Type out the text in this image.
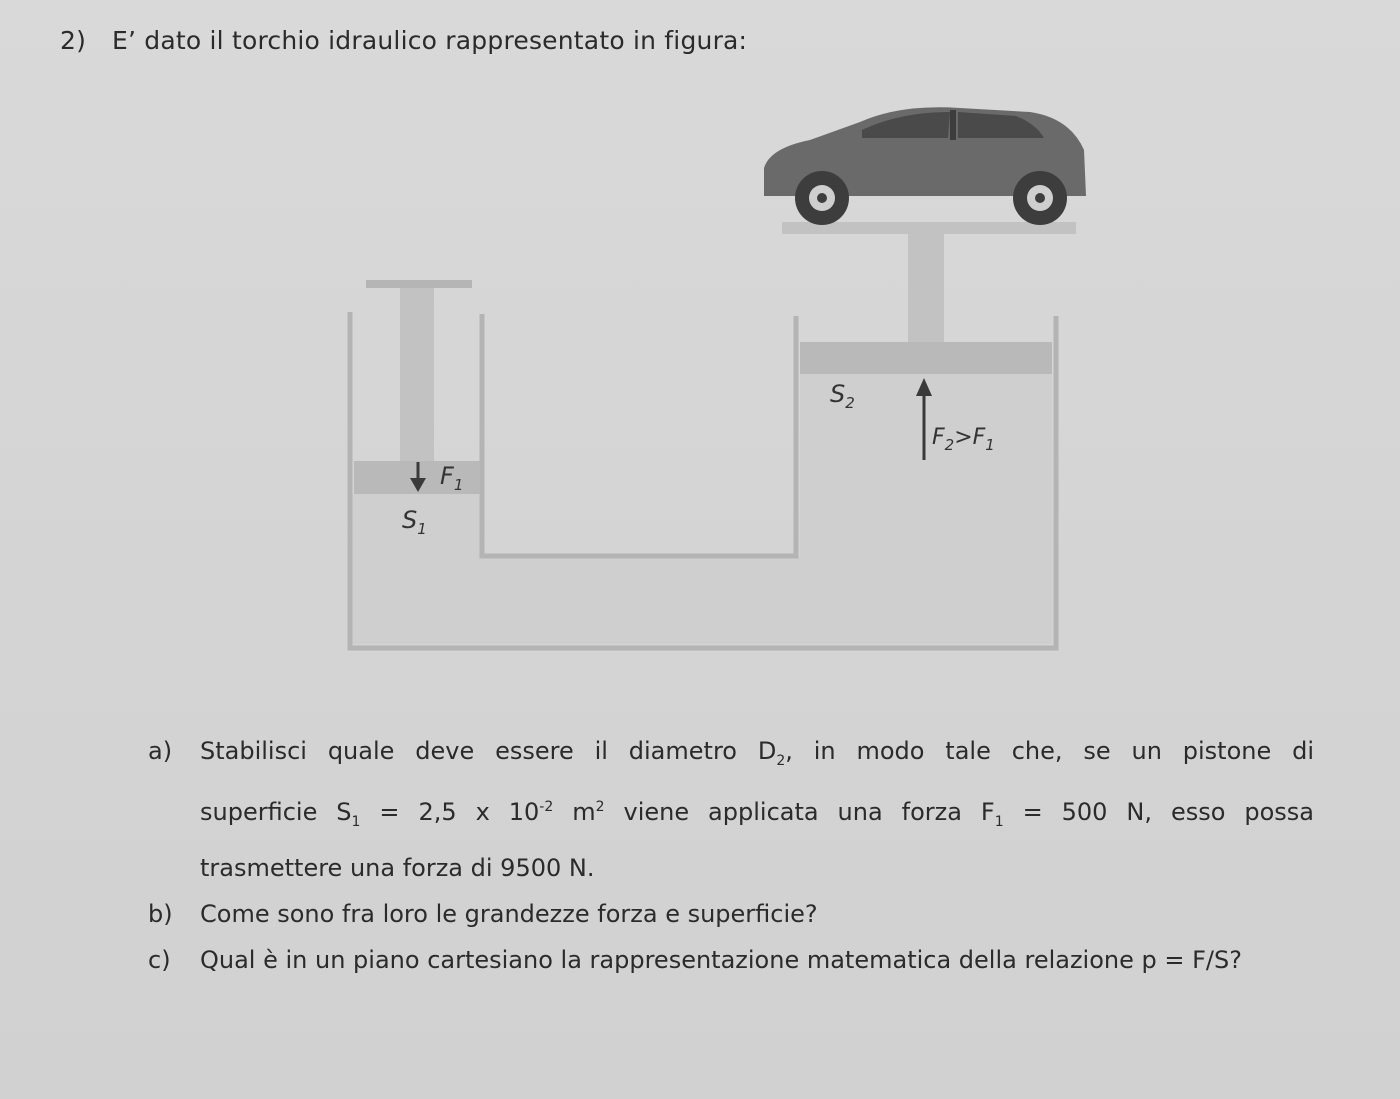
2) E’ dato il torchio idraulico rappresentato in figura:
$F_1$
$S_1$
$S_2$
$F_2>F_1$
a) Stabilisci quale deve essere il diametro $D_2$, in modo tale che, se un pistone di
superficie $S_1 = 2,5$ x $10^{-2}$ $m^2$ viene applicata una forza $F_1 = 500$ N, esso possa
trasmettere una forza di 9500 N.
b) Come sono fra loro le grandezze forza e superficie?
c) Qual è in un piano cartesiano la rappresentazione matematica della relazione p = F/S?
